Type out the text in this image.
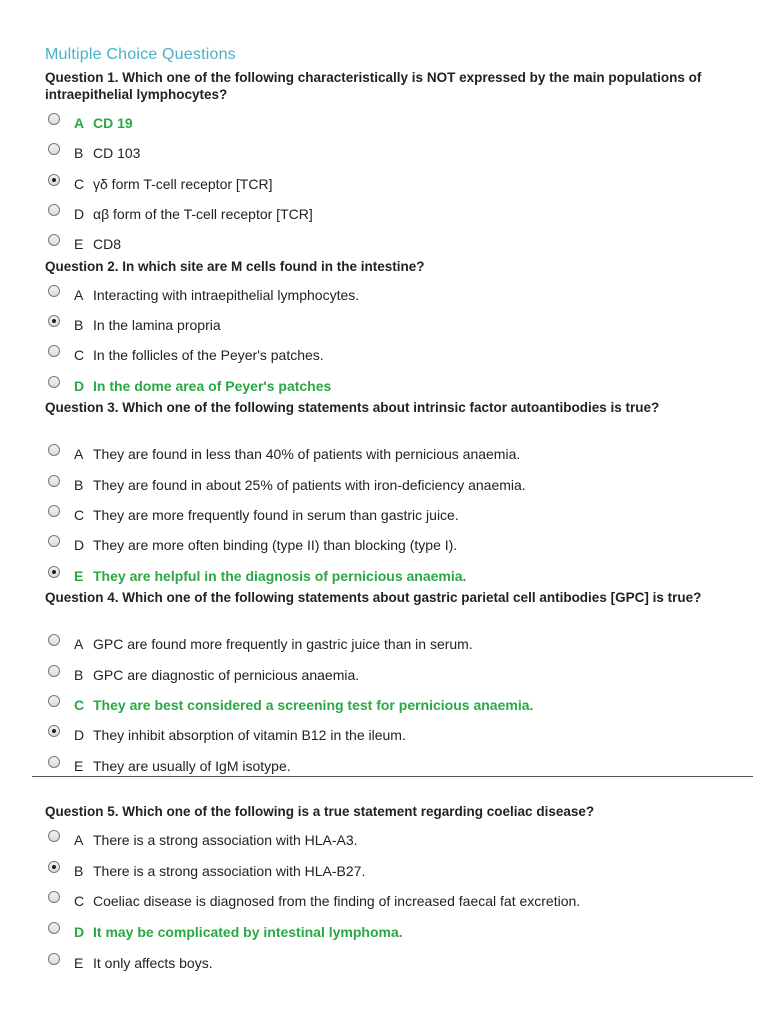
Multiple Choice Questions
Question 1. Which one of the following characteristically is NOT expressed by the main populations of intraepithelial lymphocytes?
A CD 19
B CD 103
C γδ form T-cell receptor [TCR]
D αβ form of the T-cell receptor [TCR]
E CD8
Question 2. In which site are M cells found in the intestine?
A Interacting with intraepithelial lymphocytes.
B In the lamina propria
C In the follicles of the Peyer's patches.
D In the dome area of Peyer's patches
Question 3. Which one of the following statements about intrinsic factor autoantibodies is true?
A They are found in less than 40% of patients with pernicious anaemia.
B They are found in about 25% of patients with iron-deficiency anaemia.
C They are more frequently found in serum than gastric juice.
D They are more often binding (type II) than blocking (type I).
E They are helpful in the diagnosis of pernicious anaemia.
Question 4. Which one of the following statements about gastric parietal cell antibodies [GPC] is true?
A GPC are found more frequently in gastric juice than in serum.
B GPC are diagnostic of pernicious anaemia.
C They are best considered a screening test for pernicious anaemia.
D They inhibit absorption of vitamin B12 in the ileum.
E They are usually of IgM isotype.
Question 5. Which one of the following is a true statement regarding coeliac disease?
A There is a strong association with HLA-A3.
B There is a strong association with HLA-B27.
C Coeliac disease is diagnosed from the finding of increased faecal fat excretion.
D It may be complicated by intestinal lymphoma.
E It only affects boys.
